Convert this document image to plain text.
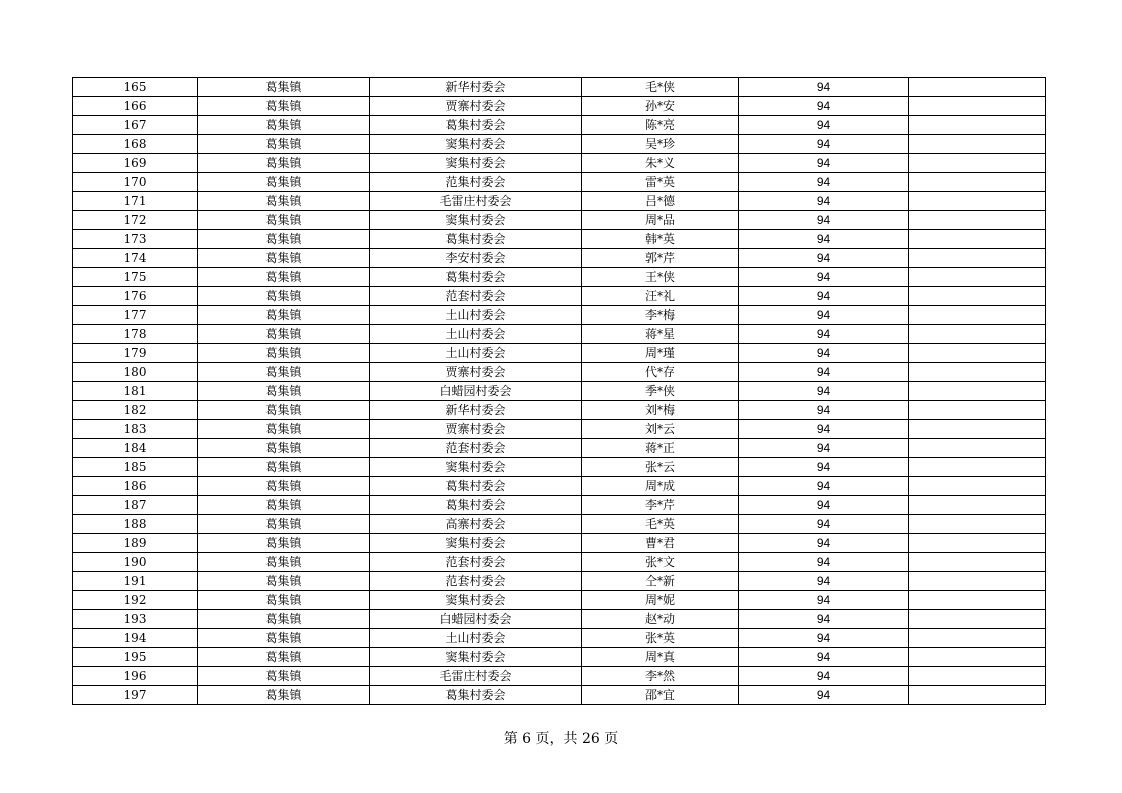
165	葛集镇	新华村委会	毛*侠	94	
166	葛集镇	贾寨村委会	孙*安	94	
167	葛集镇	葛集村委会	陈*亮	94	
168	葛集镇	窦集村委会	吴*珍	94	
169	葛集镇	窦集村委会	朱*义	94	
170	葛集镇	范集村委会	雷*英	94	
171	葛集镇	毛雷庄村委会	吕*德	94	
172	葛集镇	窦集村委会	周*品	94	
173	葛集镇	葛集村委会	韩*英	94	
174	葛集镇	李安村委会	郭*芹	94	
175	葛集镇	葛集村委会	王*侠	94	
176	葛集镇	范套村委会	汪*礼	94	
177	葛集镇	土山村委会	李*梅	94	
178	葛集镇	土山村委会	蒋*星	94	
179	葛集镇	土山村委会	周*瑾	94	
180	葛集镇	贾寨村委会	代*存	94	
181	葛集镇	白蜡园村委会	季*侠	94	
182	葛集镇	新华村委会	刘*梅	94	
183	葛集镇	贾寨村委会	刘*云	94	
184	葛集镇	范套村委会	蒋*正	94	
185	葛集镇	窦集村委会	张*云	94	
186	葛集镇	葛集村委会	周*成	94	
187	葛集镇	葛集村委会	李*芹	94	
188	葛集镇	高寨村委会	毛*英	94	
189	葛集镇	窦集村委会	曹*君	94	
190	葛集镇	范套村委会	张*文	94	
191	葛集镇	范套村委会	仝*新	94	
192	葛集镇	窦集村委会	周*妮	94	
193	葛集镇	白蜡园村委会	赵*动	94	
194	葛集镇	土山村委会	张*英	94	
195	葛集镇	窦集村委会	周*真	94	
196	葛集镇	毛雷庄村委会	李*然	94	
197	葛集镇	葛集村委会	邵*宜	94	
第 6 页，共 26 页
